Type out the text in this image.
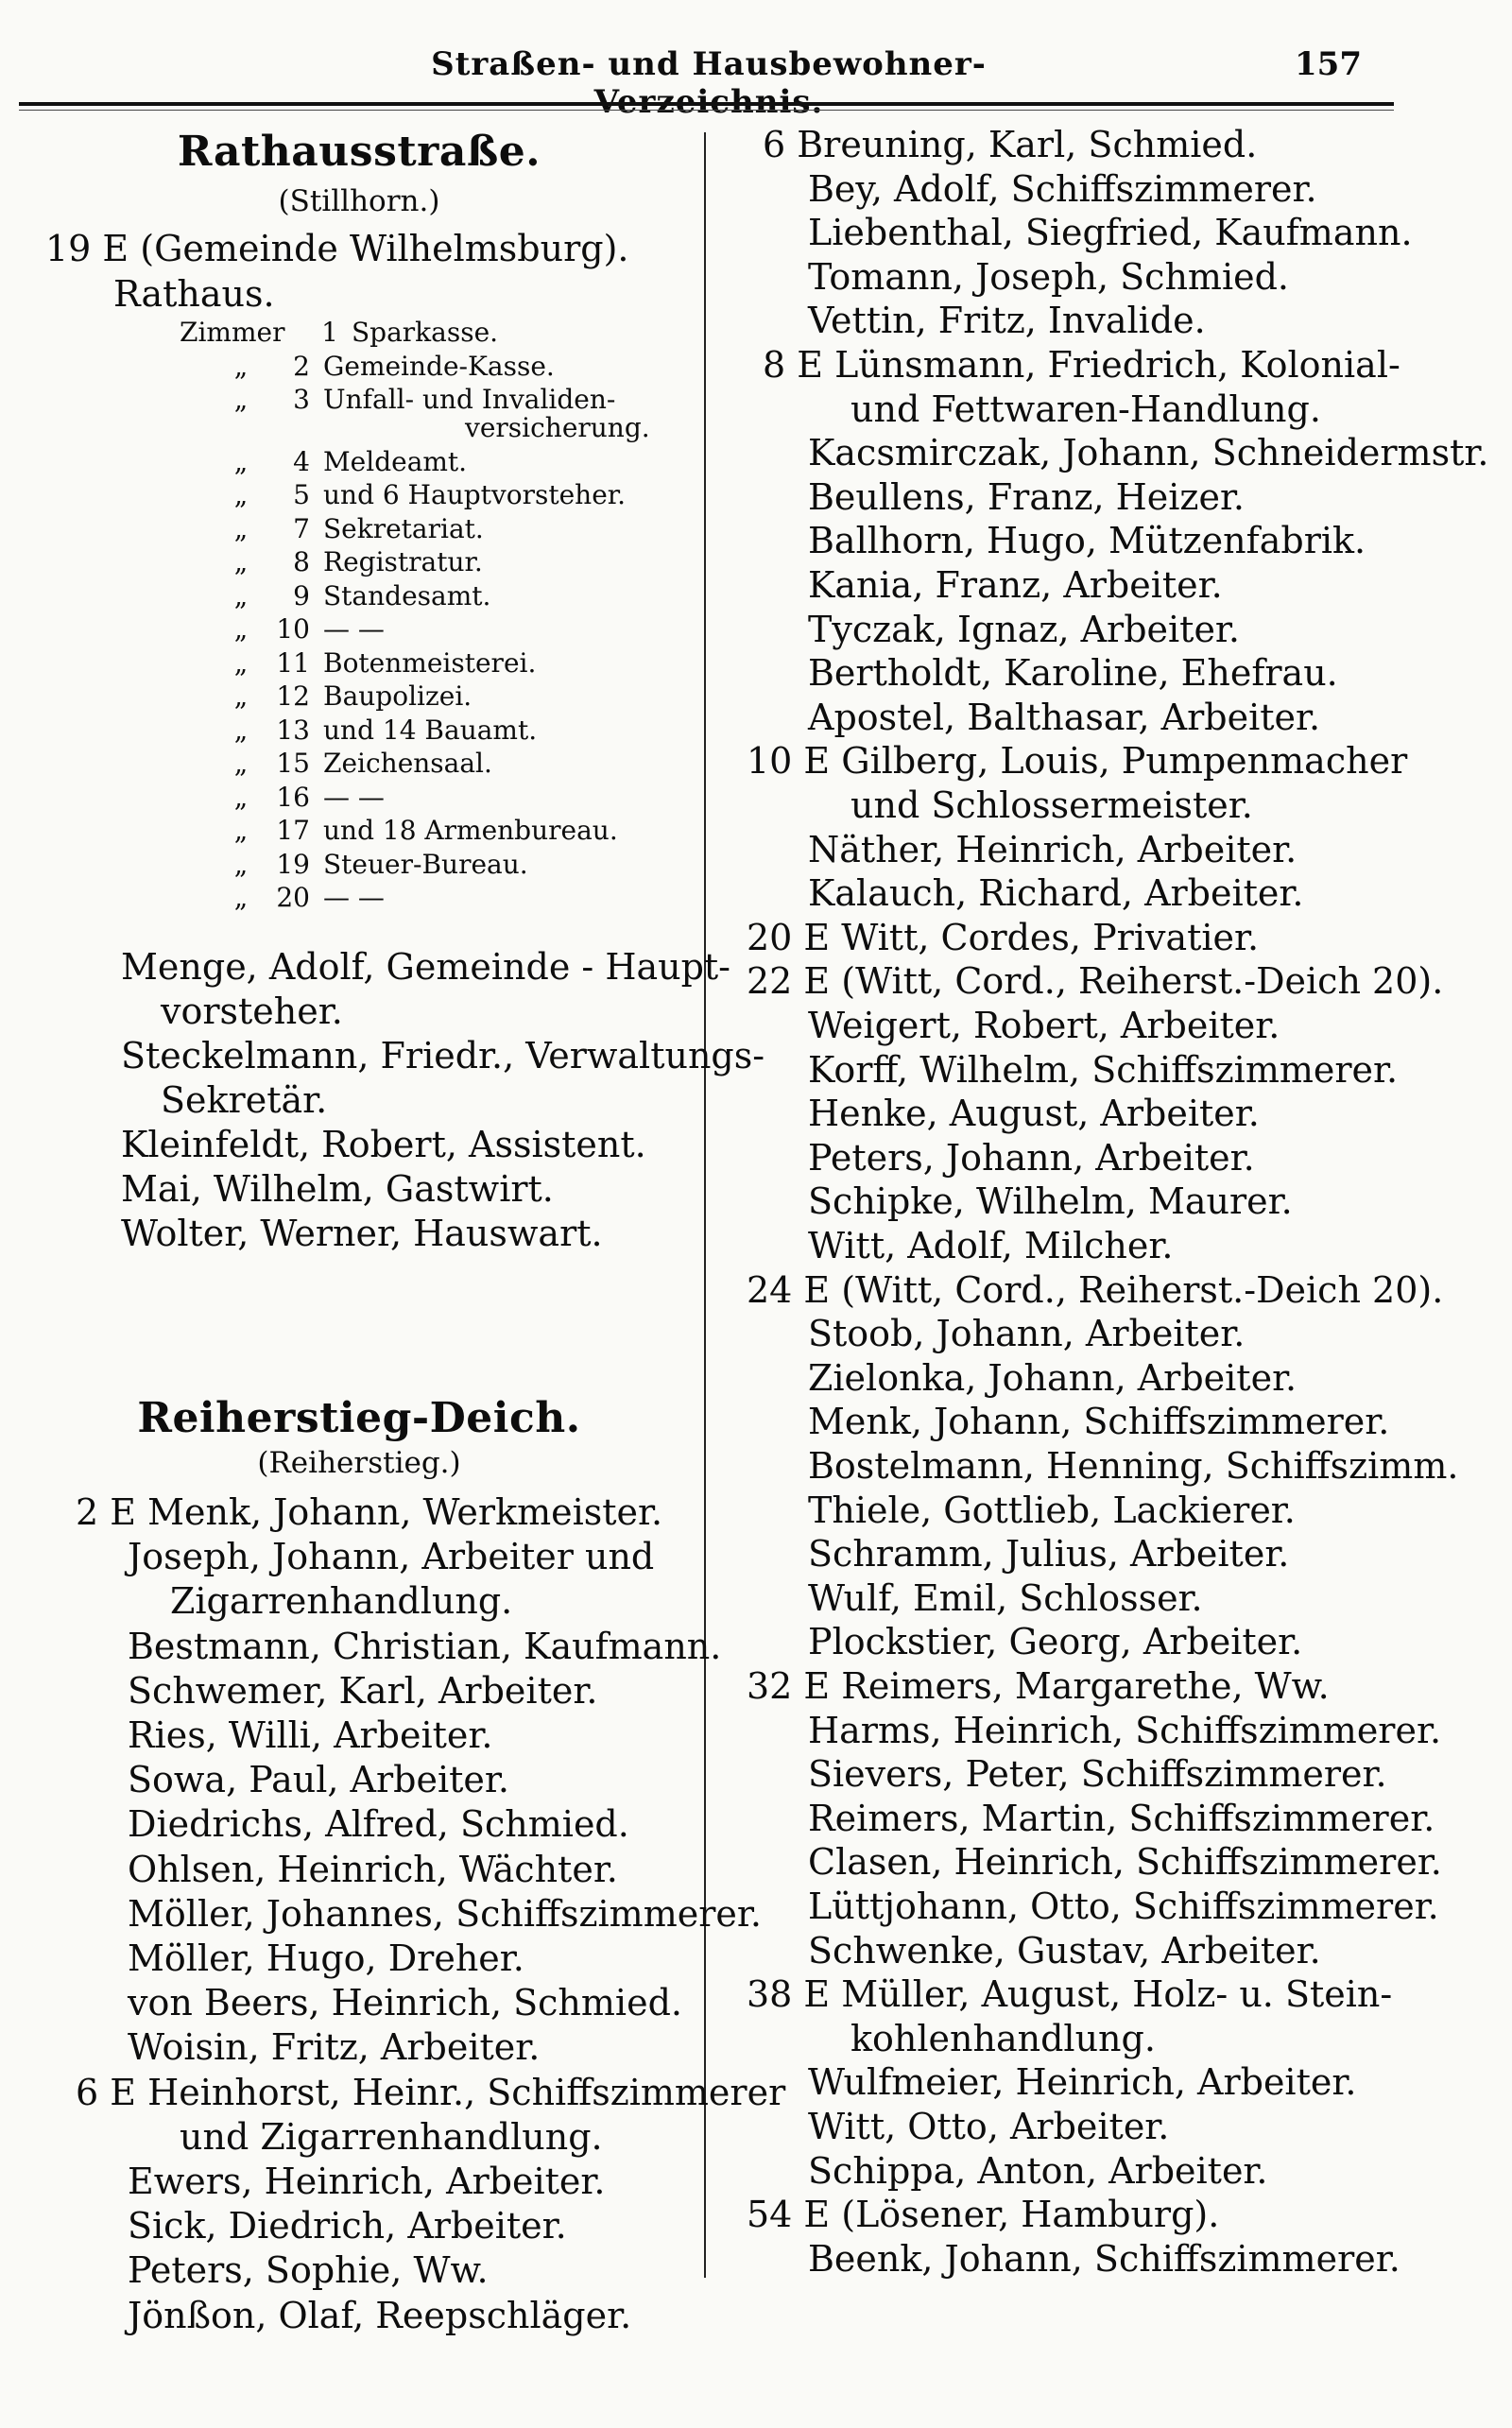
Straßen- und Hausbewohner-Verzeichnis.
157
Rathausstraße.
(Stillhorn.)
19 E (Gemeinde Wilhelmsburg).
Rathaus.
Zimmer 1 Sparkasse.
„ 2 Gemeinde-Kasse.
„ 3 Unfall- und Invaliden-
versicherung.
„ 4 Meldeamt.
„ 5 und 6 Hauptvorsteher.
„ 7 Sekretariat.
„ 8 Registratur.
„ 9 Standesamt.
„ 10 — —
„ 11 Botenmeisterei.
„ 12 Baupolizei.
„ 13 und 14 Bauamt.
„ 15 Zeichensaal.
„ 16 — —
„ 17 und 18 Armenbureau.
„ 19 Steuer-Bureau.
„ 20 — —
Menge, Adolf, Gemeinde - Haupt-
vorsteher.
Steckelmann, Friedr., Verwaltungs-
Sekretär.
Kleinfeldt, Robert, Assistent.
Mai, Wilhelm, Gastwirt.
Wolter, Werner, Hauswart.
Reiherstieg-Deich.
(Reiherstieg.)
2 E Menk, Johann, Werkmeister.
Joseph, Johann, Arbeiter und
Zigarrenhandlung.
Bestmann, Christian, Kaufmann.
Schwemer, Karl, Arbeiter.
Ries, Willi, Arbeiter.
Sowa, Paul, Arbeiter.
Diedrichs, Alfred, Schmied.
Ohlsen, Heinrich, Wächter.
Möller, Johannes, Schiffszimmerer.
Möller, Hugo, Dreher.
von Beers, Heinrich, Schmied.
Woisin, Fritz, Arbeiter.
6 E Heinhorst, Heinr., Schiffszimmerer
und Zigarrenhandlung.
Ewers, Heinrich, Arbeiter.
Sick, Diedrich, Arbeiter.
Peters, Sophie, Ww.
Jönßon, Olaf, Reepschläger.
6 Breuning, Karl, Schmied.
Bey, Adolf, Schiffszimmerer.
Liebenthal, Siegfried, Kaufmann.
Tomann, Joseph, Schmied.
Vettin, Fritz, Invalide.
8 E Lünsmann, Friedrich, Kolonial-
und Fettwaren-Handlung.
Kacsmirczak, Johann, Schneidermstr.
Beullens, Franz, Heizer.
Ballhorn, Hugo, Mützenfabrik.
Kania, Franz, Arbeiter.
Tyczak, Ignaz, Arbeiter.
Bertholdt, Karoline, Ehefrau.
Apostel, Balthasar, Arbeiter.
10 E Gilberg, Louis, Pumpenmacher
und Schlossermeister.
Näther, Heinrich, Arbeiter.
Kalauch, Richard, Arbeiter.
20 E Witt, Cordes, Privatier.
22 E (Witt, Cord., Reiherst.-Deich 20).
Weigert, Robert, Arbeiter.
Korff, Wilhelm, Schiffszimmerer.
Henke, August, Arbeiter.
Peters, Johann, Arbeiter.
Schipke, Wilhelm, Maurer.
Witt, Adolf, Milcher.
24 E (Witt, Cord., Reiherst.-Deich 20).
Stoob, Johann, Arbeiter.
Zielonka, Johann, Arbeiter.
Menk, Johann, Schiffszimmerer.
Bostelmann, Henning, Schiffszimm.
Thiele, Gottlieb, Lackierer.
Schramm, Julius, Arbeiter.
Wulf, Emil, Schlosser.
Plockstier, Georg, Arbeiter.
32 E Reimers, Margarethe, Ww.
Harms, Heinrich, Schiffszimmerer.
Sievers, Peter, Schiffszimmerer.
Reimers, Martin, Schiffszimmerer.
Clasen, Heinrich, Schiffszimmerer.
Lüttjohann, Otto, Schiffszimmerer.
Schwenke, Gustav, Arbeiter.
38 E Müller, August, Holz- u. Stein-
kohlenhandlung.
Wulfmeier, Heinrich, Arbeiter.
Witt, Otto, Arbeiter.
Schippa, Anton, Arbeiter.
54 E (Lösener, Hamburg).
Beenk, Johann, Schiffszimmerer.
